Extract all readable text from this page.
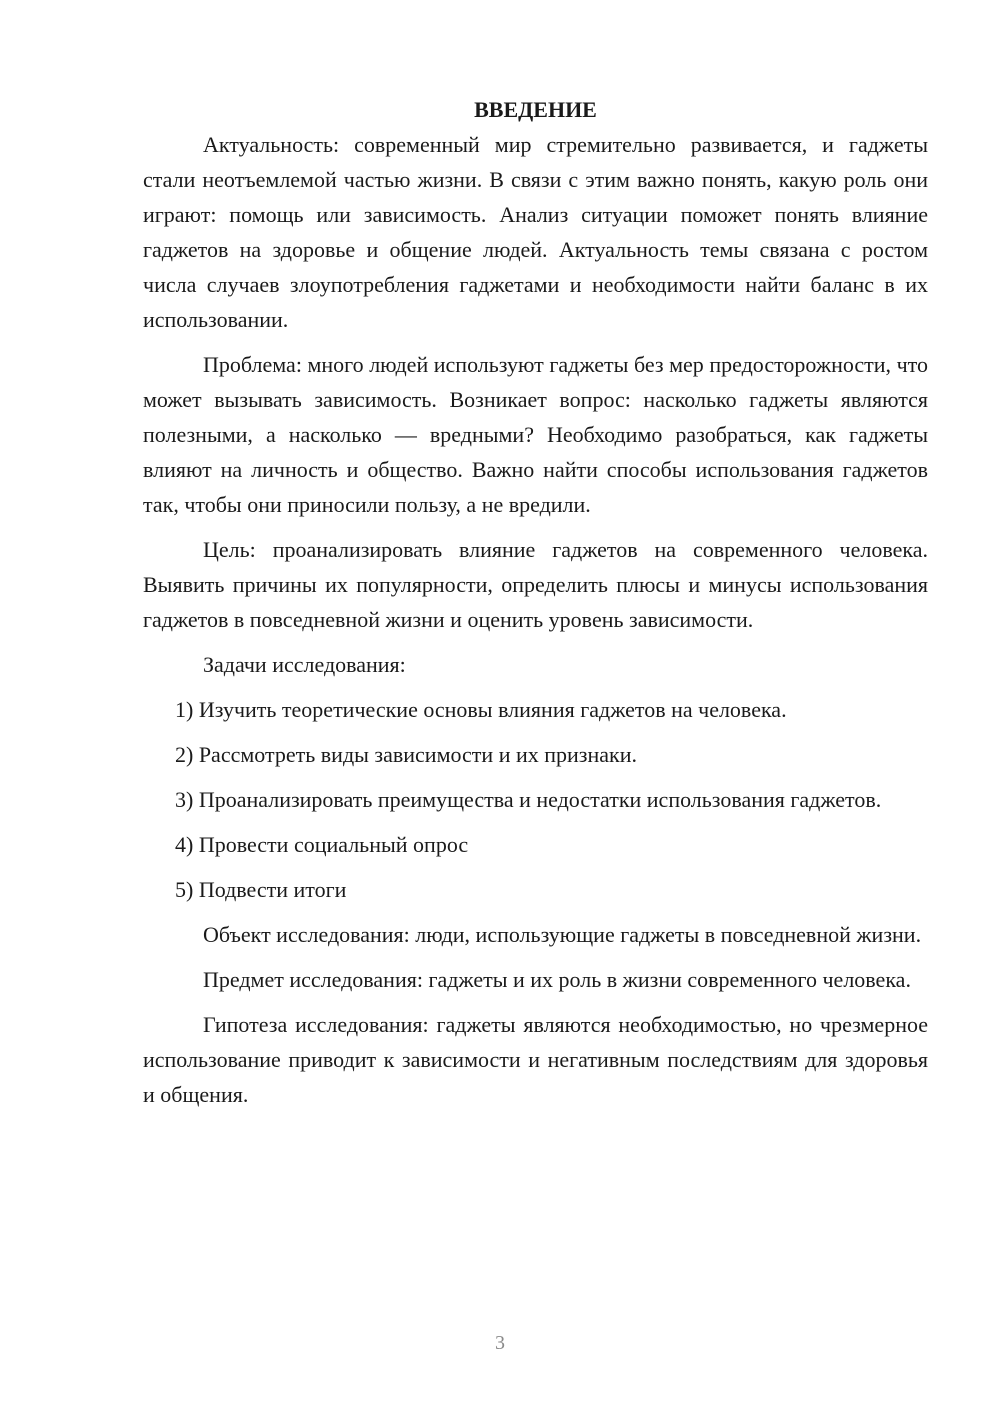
ВВЕДЕНИЕ

Актуальность: современный мир стремительно развивается, и гаджеты стали неотъемлемой частью жизни. В связи с этим важно понять, какую роль они играют: помощь или зависимость. Анализ ситуации поможет понять влияние гаджетов на здоровье и общение людей. Актуальность темы связана с ростом числа случаев злоупотребления гаджетами и необходимости найти баланс в их использовании.

Проблема: много людей используют гаджеты без мер предосторожности, что может вызывать зависимость. Возникает вопрос: насколько гаджеты являются полезными, а насколько — вредными? Необходимо разобраться, как гаджеты влияют на личность и общество. Важно найти способы использования гаджетов так, чтобы они приносили пользу, а не вредили.

Цель: проанализировать влияние гаджетов на современного человека. Выявить причины их популярности, определить плюсы и минусы использования гаджетов в повседневной жизни и оценить уровень зависимости.

Задачи исследования:

1) Изучить теоретические основы влияния гаджетов на человека.

2) Рассмотреть виды зависимости и их признаки.

3) Проанализировать преимущества и недостатки использования гаджетов.

4) Провести социальный опрос

5) Подвести итоги

Объект исследования: люди, использующие гаджеты в повседневной жизни.

Предмет исследования: гаджеты и их роль в жизни современного человека.

Гипотеза исследования: гаджеты являются необходимостью, но чрезмерное использование приводит к зависимости и негативным последствиям для здоровья и общения.

3
